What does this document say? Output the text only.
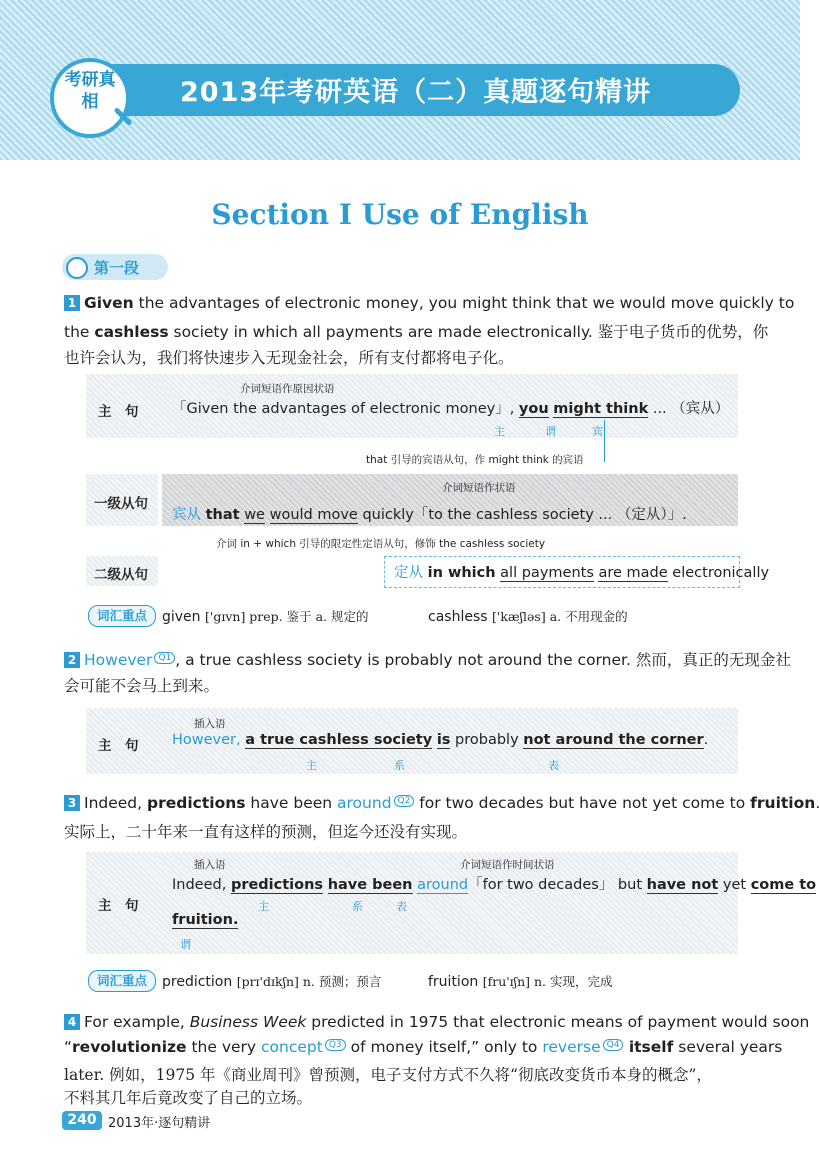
2013年考研英语（二）真题逐句精讲
考研真相
Section Ⅰ Use of English
第一段
1 Given the advantages of electronic money, you might think that we would move quickly to
the cashless society in which all payments are made electronically. 鉴于电子货币的优势，你
也许会认为，我们将快速步入无现金社会，所有支付都将电子化。
主　句
介词短语作原因状语
「Given the advantages of electronic money」, you might think ... （宾从）
主	谓	宾
that 引导的宾语从句，作 might think 的宾语
一级从句
介词短语作状语
宾从 that we would move quickly「to the cashless society ... （定从）」.
介词 in + which 引导的限定性定语从句，修饰 the cashless society
二级从句	定从 in which all payments are made electronically
词汇重点	given ['gɪvn] prep. 鉴于 a. 规定的	cashless ['kæʃləs] a. 不用现金的
2 However Q1 , a true cashless society is probably not around the corner. 然而，真正的无现金社
会可能不会马上到来。
主　句
插入语
However, a true cashless society is probably not around the corner.
主	系	表
3 Indeed, predictions have been around Q2 for two decades but have not yet come to fruition.
实际上，二十年来一直有这样的预测，但迄今还没有实现。
主　句
插入语	介词短语作时间状语
Indeed, predictions have been around「for two decades」 but have not yet come to
主	系	表
fruition.
谓
词汇重点	prediction [prɪ'dɪkʃn] n. 预测；预言	fruition [fru'ɪʃn] n. 实现，完成
4 For example, Business Week predicted in 1975 that electronic means of payment would soon
“revolutionize the very concept Q3 of money itself,” only to reverse Q4 itself several years
later. 例如，1975 年《商业周刊》曾预测，电子支付方式不久将“彻底改变货币本身的概念”，
不料其几年后竟改变了自己的立场。
240 2013年·逐句精讲
